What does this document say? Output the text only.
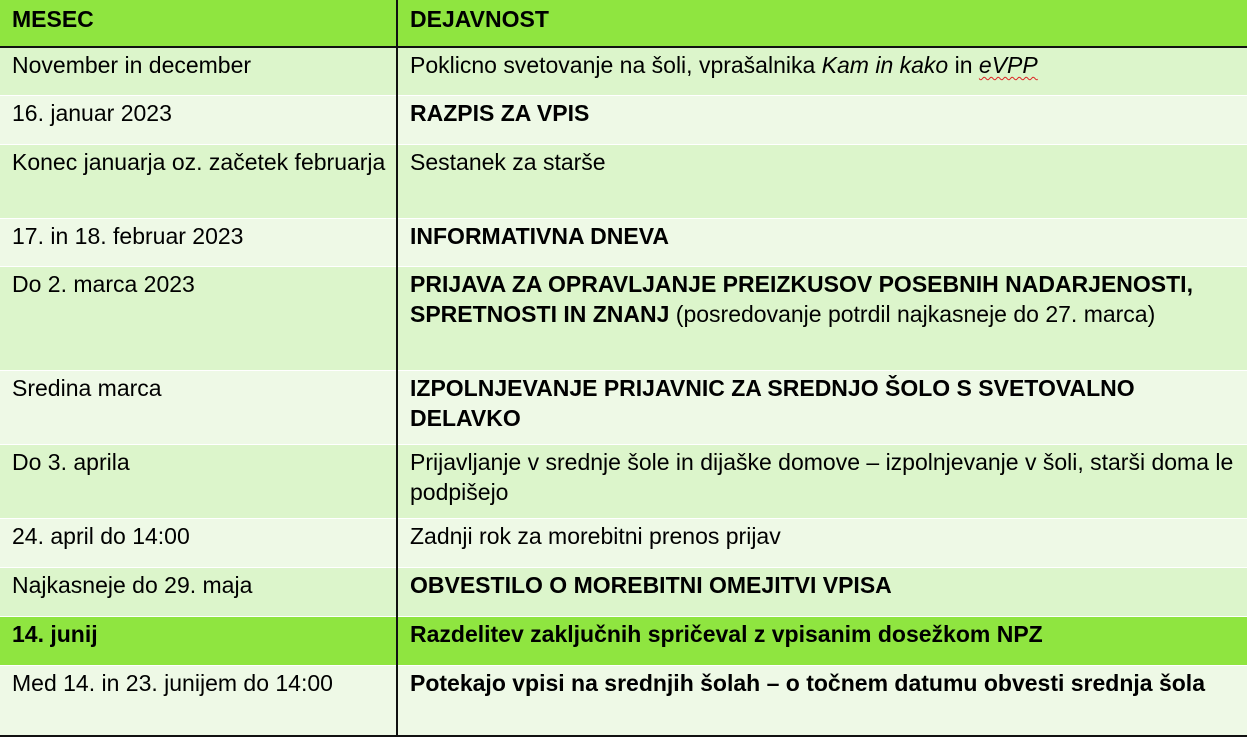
MESEC	DEJAVNOST
November in december	Poklicno svetovanje na šoli, vprašalnika Kam in kako in eVPP
16. januar 2023	RAZPIS ZA VPIS
Konec januarja oz. začetek februarja	Sestanek za starše
17. in 18. februar 2023	INFORMATIVNA DNEVA
Do 2. marca 2023	PRIJAVA ZA OPRAVLJANJE PREIZKUSOV POSEBNIH NADARJENOSTI, SPRETNOSTI IN ZNANJ (posredovanje potrdil najkasneje do 27. marca)
Sredina marca	IZPOLNJEVANJE PRIJAVNIC ZA SREDNJO ŠOLO S SVETOVALNO DELAVKO
Do 3. aprila	Prijavljanje v srednje šole in dijaške domove – izpolnjevanje v šoli, starši doma le podpišejo
24. april do 14:00	Zadnji rok za morebitni prenos prijav
Najkasneje do 29. maja	OBVESTILO O MOREBITNI OMEJITVI VPISA
14. junij	Razdelitev zaključnih spričeval z vpisanim dosežkom NPZ
Med 14. in 23. junijem do 14:00	Potekajo vpisi na srednjih šolah – o točnem datumu obvesti srednja šola
